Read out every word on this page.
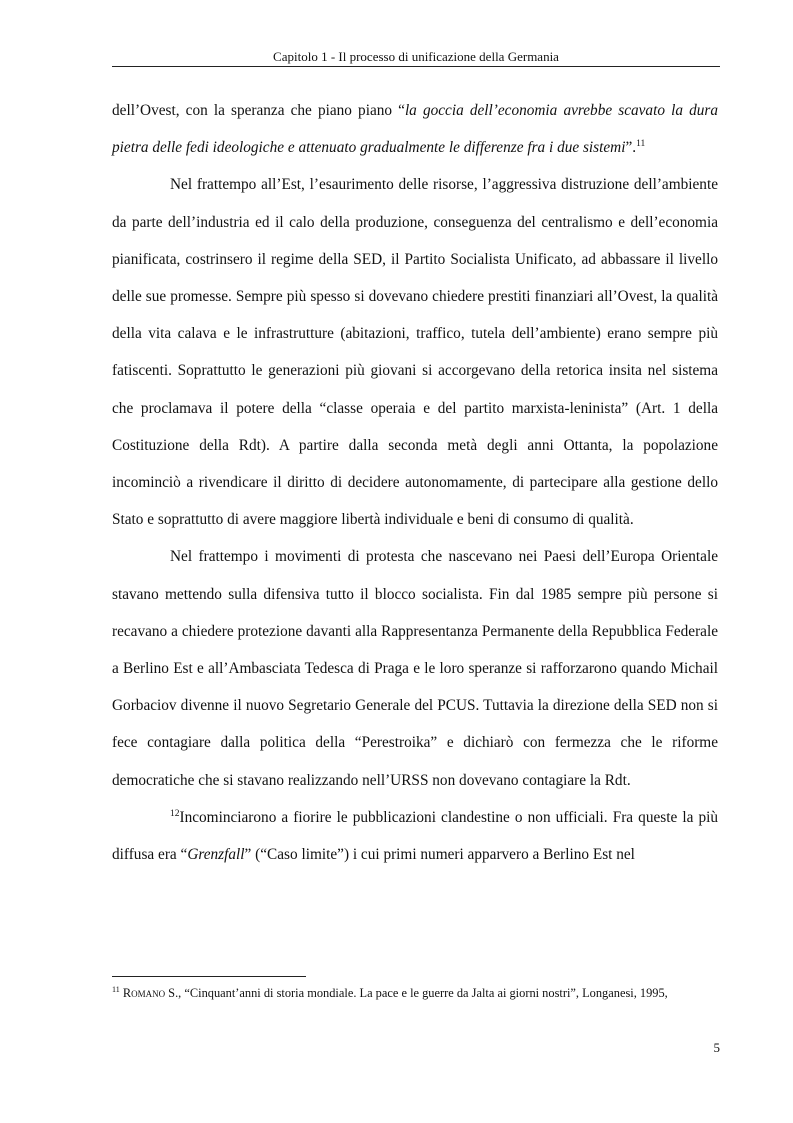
Capitolo 1 - Il processo di unificazione della Germania

dell’Ovest, con la speranza che piano piano “la goccia dell’economia avrebbe scavato la dura pietra delle fedi ideologiche e attenuato gradualmente le differenze fra i due sistemi”.$^{11}$

Nel frattempo all’Est, l’esaurimento delle risorse, l’aggressiva distruzione dell’ambiente da parte dell’industria ed il calo della produzione, conseguenza del centralismo e dell’economia pianificata, costrinsero il regime della SED, il Partito Socialista Unificato, ad abbassare il livello delle sue promesse. Sempre più spesso si dovevano chiedere prestiti finanziari all’Ovest, la qualità della vita calava e le infrastrutture (abitazioni, traffico, tutela dell’ambiente) erano sempre più fatiscenti. Soprattutto le generazioni più giovani si accorgevano della retorica insita nel sistema che proclamava il potere della “classe operaia e del partito marxista-leninista” (Art. 1 della Costituzione della Rdt). A partire dalla seconda metà degli anni Ottanta, la popolazione incominciò a rivendicare il diritto di decidere autonomamente, di partecipare alla gestione dello Stato e soprattutto di avere maggiore libertà individuale e beni di consumo di qualità.

Nel frattempo i movimenti di protesta che nascevano nei Paesi dell’Europa Orientale stavano mettendo sulla difensiva tutto il blocco socialista. Fin dal 1985 sempre più persone si recavano a chiedere protezione davanti alla Rappresentanza Permanente della Repubblica Federale a Berlino Est e all’Ambasciata Tedesca di Praga e le loro speranze si rafforzarono quando Michail Gorbaciov divenne il nuovo Segretario Generale del PCUS. Tuttavia la direzione della SED non si fece contagiare dalla politica della “Perestroika” e dichiarò con fermezza che le riforme democratiche che si stavano realizzando nell’URSS non dovevano contagiare la Rdt.

$^{12}$Incominciarono a fiorire le pubblicazioni clandestine o non ufficiali. Fra queste la più diffusa era “Grenzfall” (“Caso limite”) i cui primi numeri apparvero a Berlino Est nel

$^{11}$ Romano S., “Cinquant’anni di storia mondiale. La pace e le guerre da Jalta ai giorni nostri”, Longanesi, 1995,
5
